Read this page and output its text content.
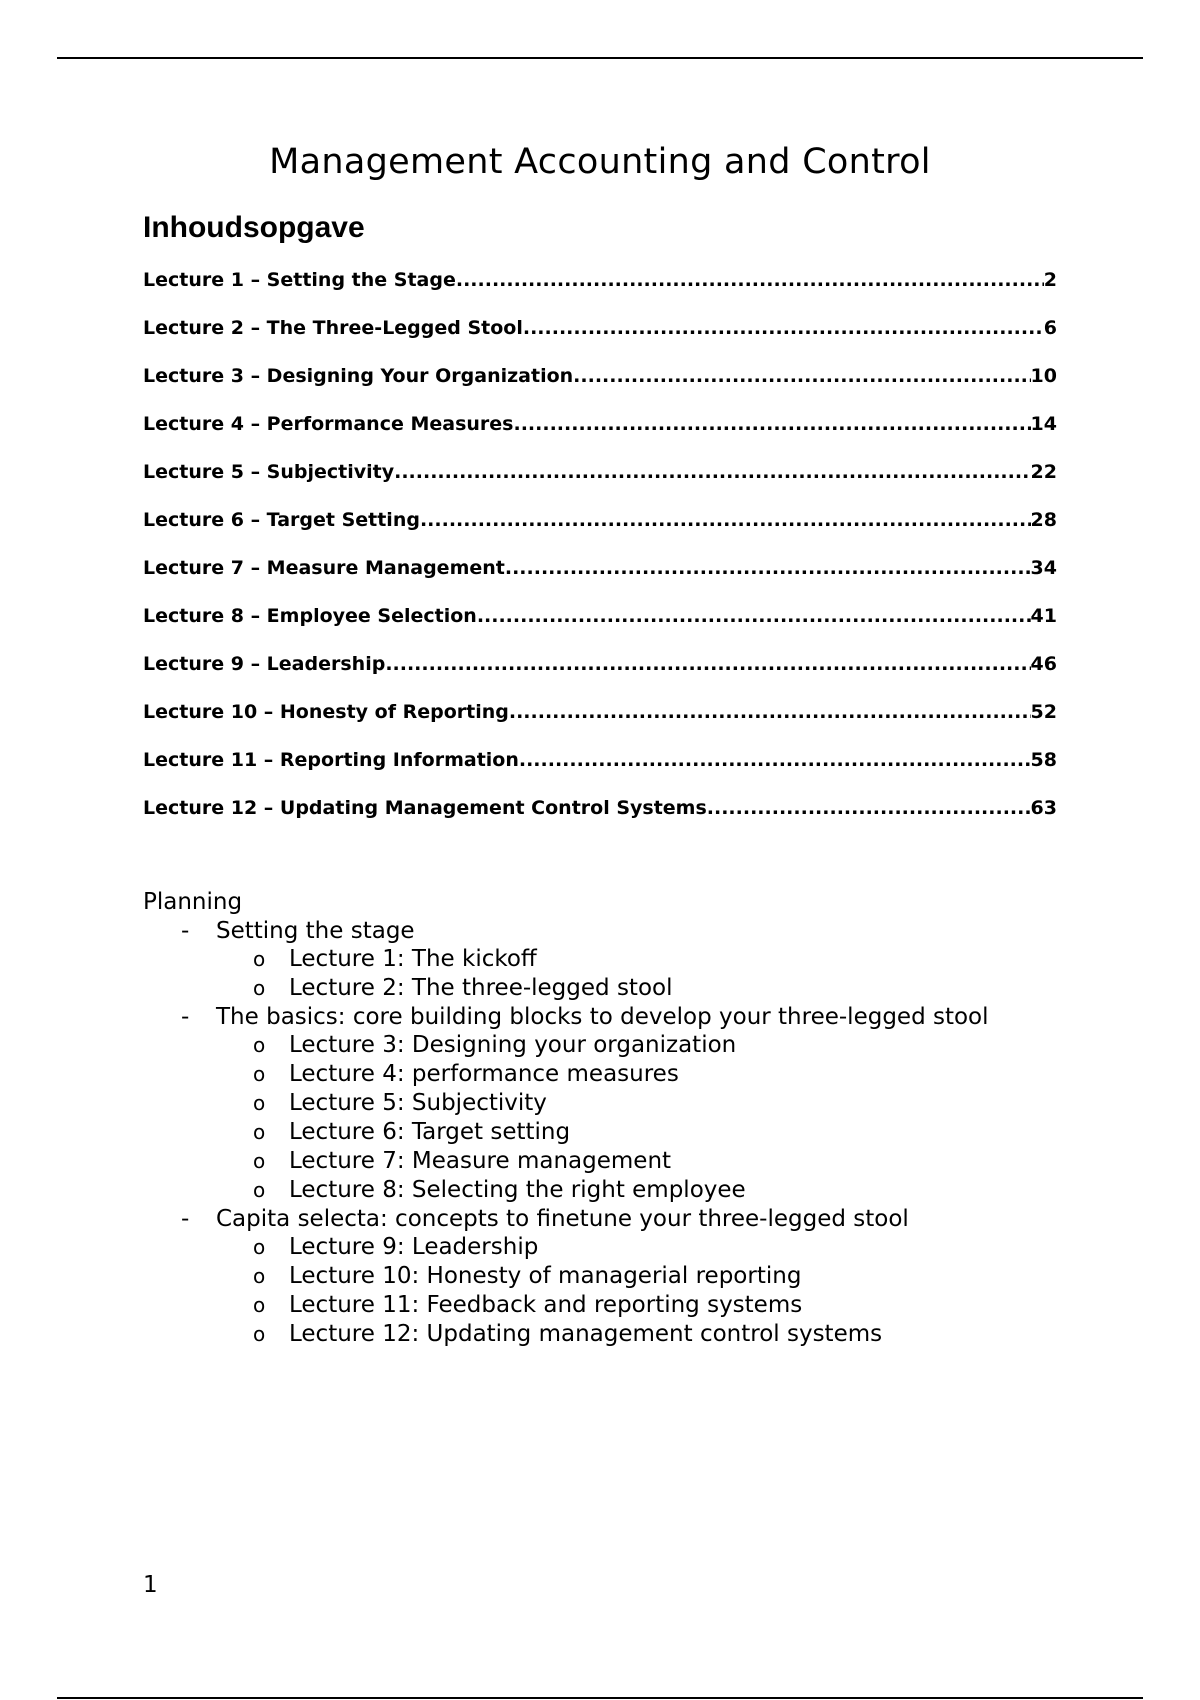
Management Accounting and Control
Inhoudsopgave
Lecture 1 – Setting the Stage .....	2
Lecture 2 – The Three-Legged Stool .....	6
Lecture 3 – Designing Your Organization .....	10
Lecture 4 – Performance Measures .....	14
Lecture 5 – Subjectivity .....	22
Lecture 6 – Target Setting .....	28
Lecture 7 – Measure Management .....	34
Lecture 8 – Employee Selection .....	41
Lecture 9 – Leadership .....	46
Lecture 10 – Honesty of Reporting .....	52
Lecture 11 – Reporting Information .....	58
Lecture 12 – Updating Management Control Systems .....	63
Planning
- Setting the stage
o Lecture 1: The kickoff
o Lecture 2: The three-legged stool
- The basics: core building blocks to develop your three-legged stool
o Lecture 3: Designing your organization
o Lecture 4: performance measures
o Lecture 5: Subjectivity
o Lecture 6: Target setting
o Lecture 7: Measure management
o Lecture 8: Selecting the right employee
- Capita selecta: concepts to finetune your three-legged stool
o Lecture 9: Leadership
o Lecture 10: Honesty of managerial reporting
o Lecture 11: Feedback and reporting systems
o Lecture 12: Updating management control systems
1
